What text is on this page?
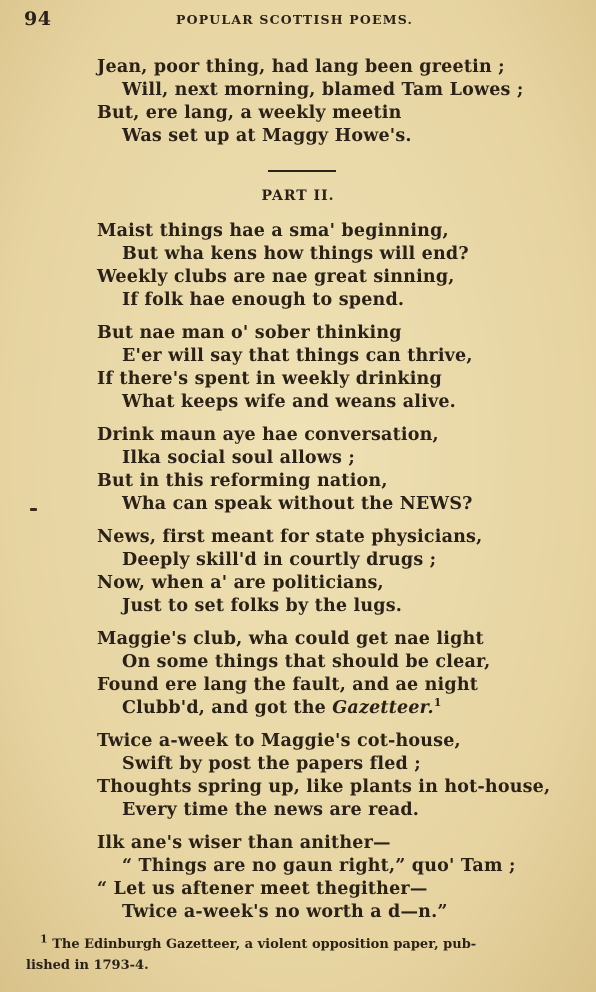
94	POPULAR SCOTTISH POEMS.
Jean, poor thing, had lang been greetin ;
Will, next morning, blamed Tam Lowes ;
But, ere lang, a weekly meetin
Was set up at Maggy Howe's.
PART II.
Maist things hae a sma' beginning,
But wha kens how things will end?
Weekly clubs are nae great sinning,
If folk hae enough to spend.
But nae man o' sober thinking
E'er will say that things can thrive,
If there's spent in weekly drinking
What keeps wife and weans alive.
Drink maun aye hae conversation,
Ilka social soul allows ;
But in this reforming nation,
Wha can speak without the NEWS?
News, first meant for state physicians,
Deeply skill'd in courtly drugs ;
Now, when a' are politicians,
Just to set folks by the lugs.
Maggie's club, wha could get nae light
On some things that should be clear,
Found ere lang the fault, and ae night
Clubb'd, and got the Gazetteer.$^1$
Twice a-week to Maggie's cot-house,
Swift by post the papers fled ;
Thoughts spring up, like plants in hot-house,
Every time the news are read.
Ilk ane's wiser than anither—
“ Things are no gaun right,” quo' Tam ;
“ Let us aftener meet thegither—
Twice a-week's no worth a d—n.”
$^1$ The Edinburgh Gazetteer, a violent opposition paper, pub-
lished in 1793-4.
